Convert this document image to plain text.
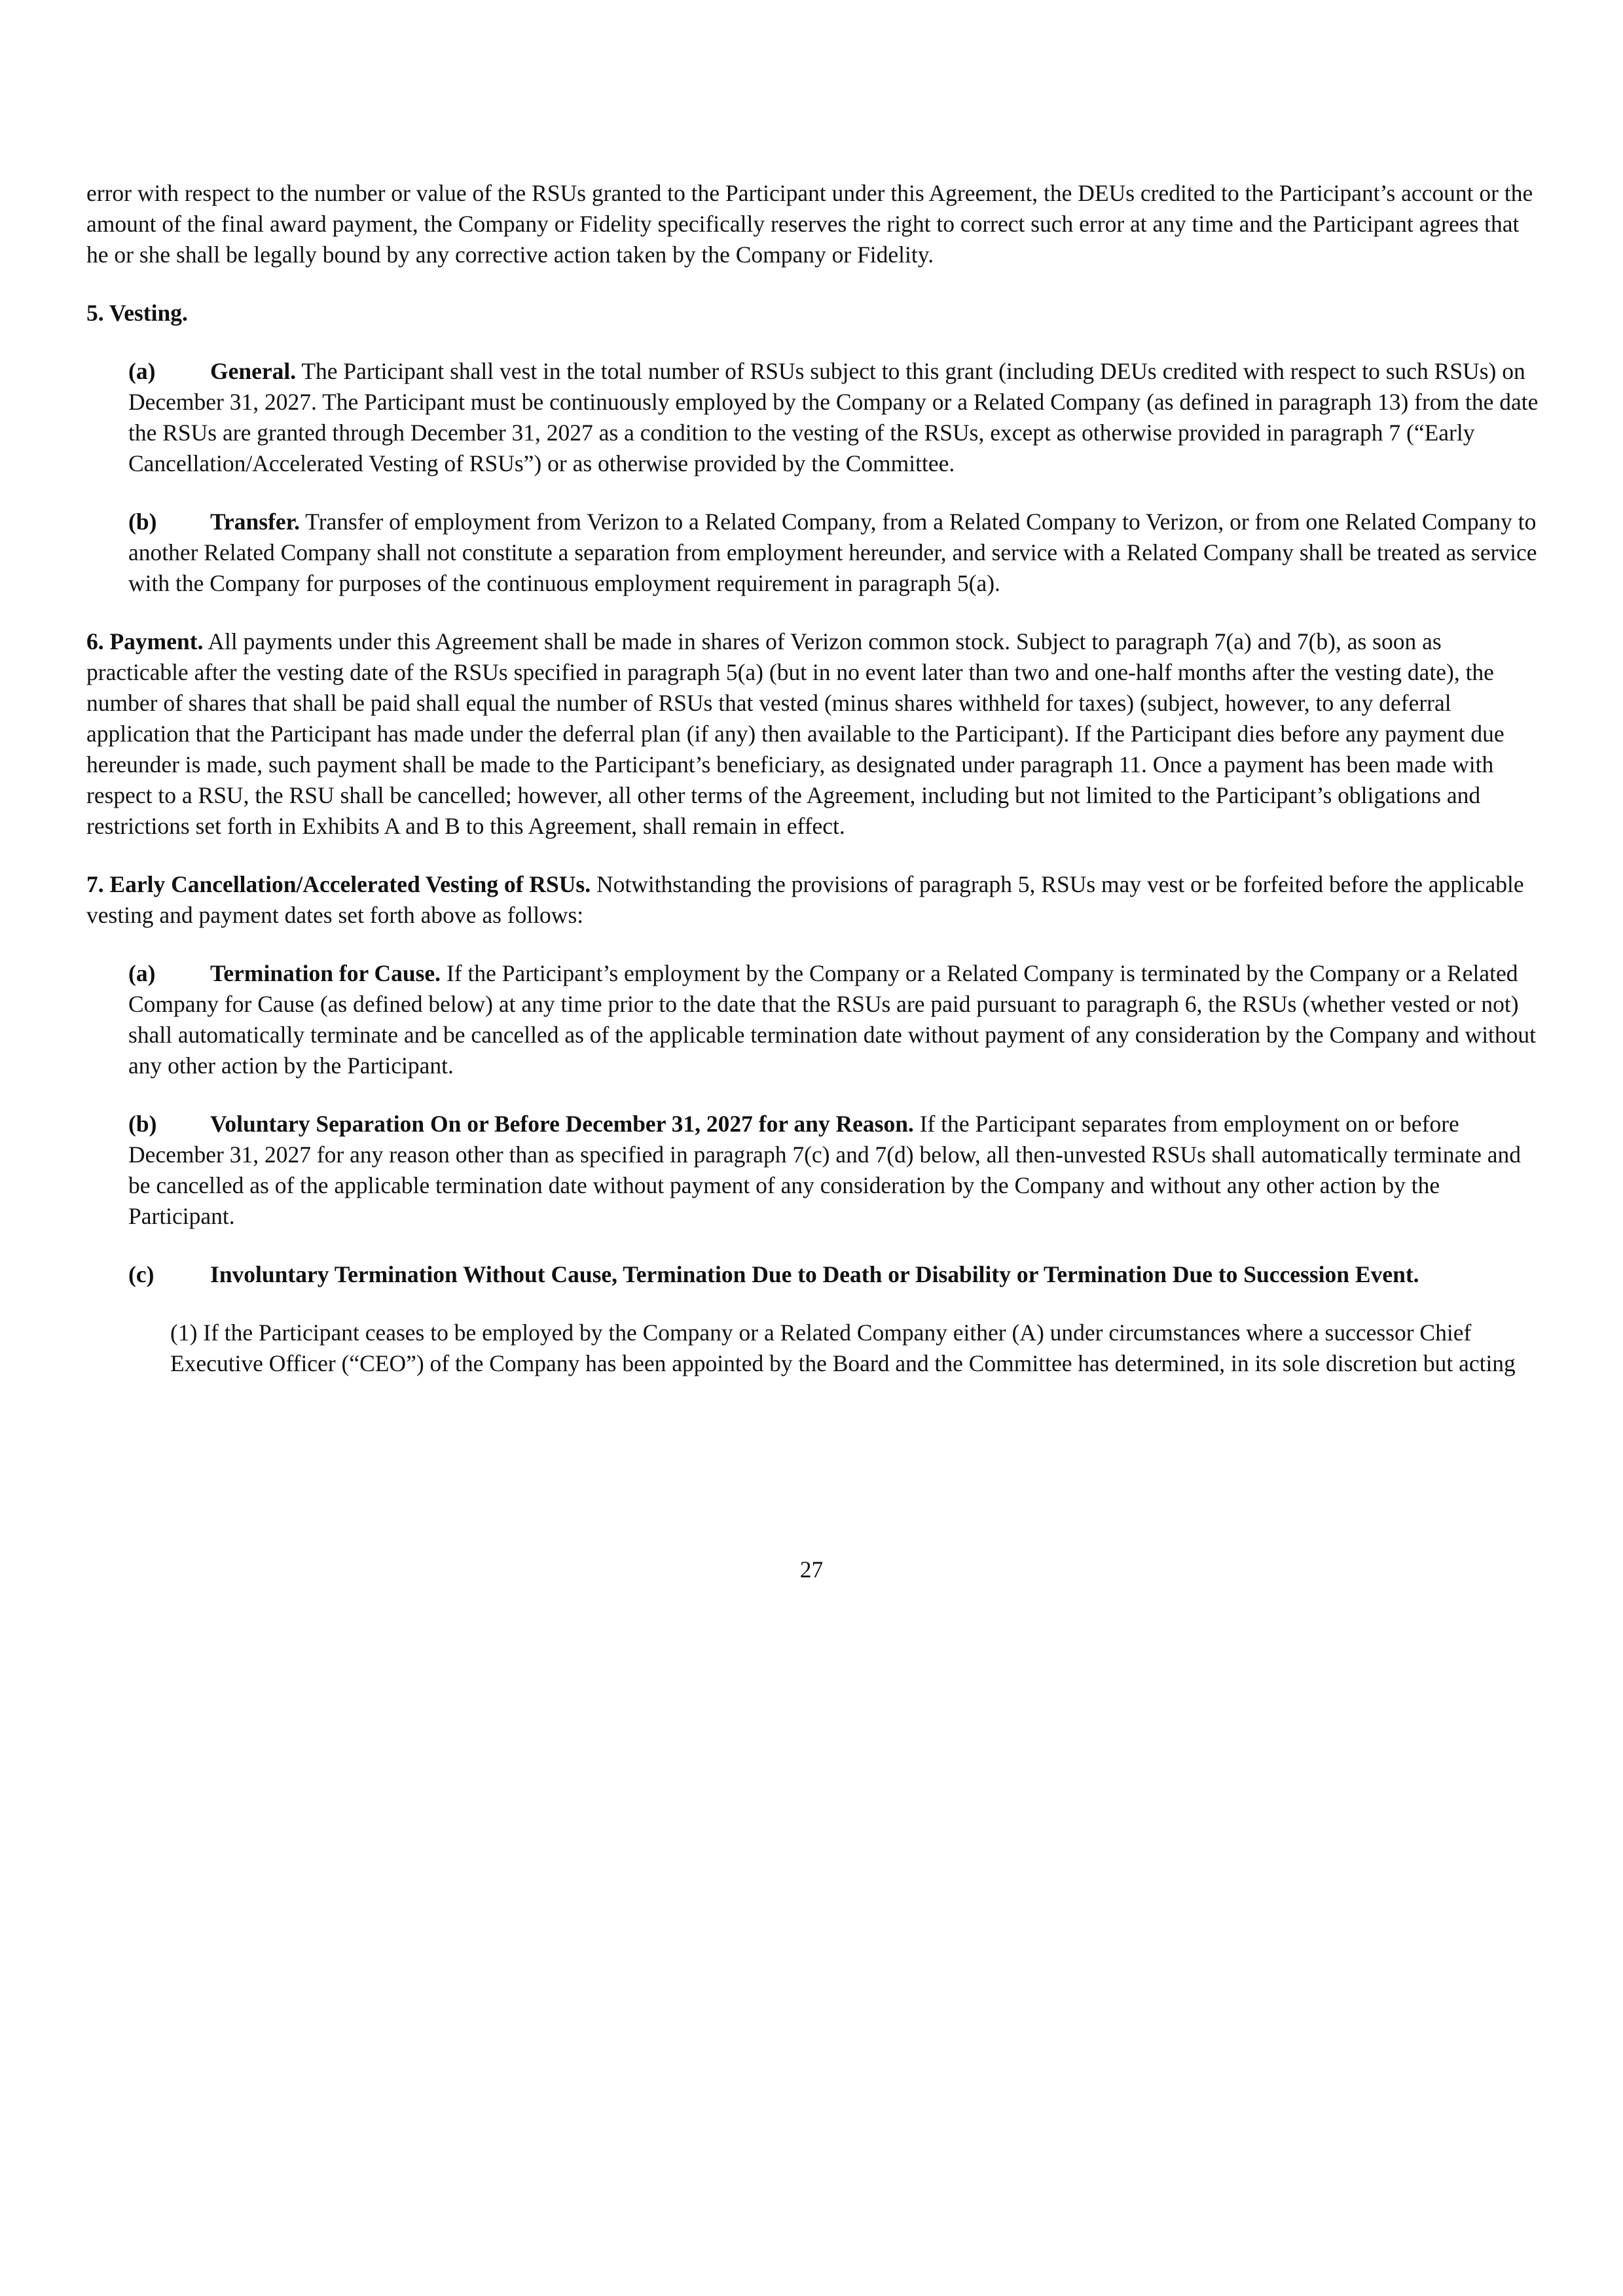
error with respect to the number or value of the RSUs granted to the Participant under this Agreement, the DEUs credited to the Participant’s account or the amount of the final award payment, the Company or Fidelity specifically reserves the right to correct such error at any time and the Participant agrees that he or she shall be legally bound by any corrective action taken by the Company or Fidelity.

5. Vesting.

(a) General. The Participant shall vest in the total number of RSUs subject to this grant (including DEUs credited with respect to such RSUs) on December 31, 2027. The Participant must be continuously employed by the Company or a Related Company (as defined in paragraph 13) from the date the RSUs are granted through December 31, 2027 as a condition to the vesting of the RSUs, except as otherwise provided in paragraph 7 (“Early Cancellation/Accelerated Vesting of RSUs”) or as otherwise provided by the Committee.

(b) Transfer. Transfer of employment from Verizon to a Related Company, from a Related Company to Verizon, or from one Related Company to another Related Company shall not constitute a separation from employment hereunder, and service with a Related Company shall be treated as service with the Company for purposes of the continuous employment requirement in paragraph 5(a).

6. Payment. All payments under this Agreement shall be made in shares of Verizon common stock. Subject to paragraph 7(a) and 7(b), as soon as practicable after the vesting date of the RSUs specified in paragraph 5(a) (but in no event later than two and one-half months after the vesting date), the number of shares that shall be paid shall equal the number of RSUs that vested (minus shares withheld for taxes) (subject, however, to any deferral application that the Participant has made under the deferral plan (if any) then available to the Participant). If the Participant dies before any payment due hereunder is made, such payment shall be made to the Participant’s beneficiary, as designated under paragraph 11. Once a payment has been made with respect to a RSU, the RSU shall be cancelled; however, all other terms of the Agreement, including but not limited to the Participant’s obligations and restrictions set forth in Exhibits A and B to this Agreement, shall remain in effect.

7. Early Cancellation/Accelerated Vesting of RSUs. Notwithstanding the provisions of paragraph 5, RSUs may vest or be forfeited before the applicable vesting and payment dates set forth above as follows:

(a) Termination for Cause. If the Participant’s employment by the Company or a Related Company is terminated by the Company or a Related Company for Cause (as defined below) at any time prior to the date that the RSUs are paid pursuant to paragraph 6, the RSUs (whether vested or not) shall automatically terminate and be cancelled as of the applicable termination date without payment of any consideration by the Company and without any other action by the Participant.

(b) Voluntary Separation On or Before December 31, 2027 for any Reason. If the Participant separates from employment on or before December 31, 2027 for any reason other than as specified in paragraph 7(c) and 7(d) below, all then-unvested RSUs shall automatically terminate and be cancelled as of the applicable termination date without payment of any consideration by the Company and without any other action by the Participant.

(c) Involuntary Termination Without Cause, Termination Due to Death or Disability or Termination Due to Succession Event.

(1) If the Participant ceases to be employed by the Company or a Related Company either (A) under circumstances where a successor Chief Executive Officer (“CEO”) of the Company has been appointed by the Board and the Committee has determined, in its sole discretion but acting

27
